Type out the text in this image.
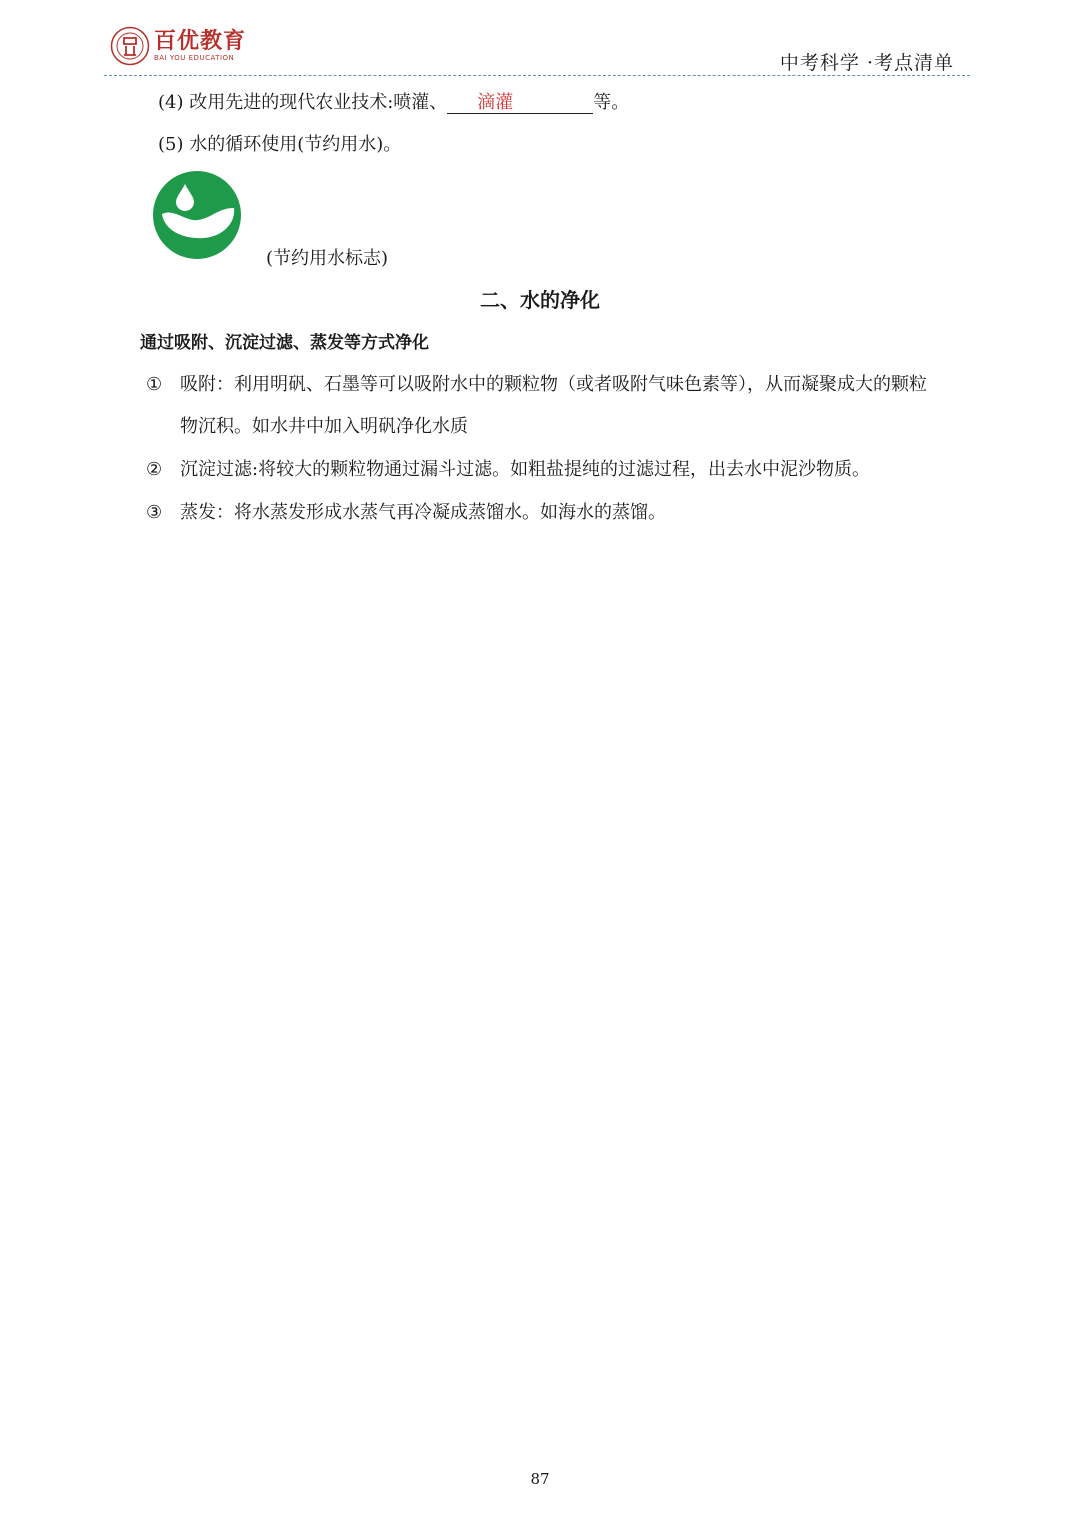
百优教育
BAI YOU EDUCATION	中考科学 ·考点清单
(4) 改用先进的现代农业技术:喷灌、 滴灌	等。
(5) 水的循环使用(节约用水)。
(节约用水标志)
二、水的净化
通过吸附、沉淀过滤、蒸发等方式净化
① 吸附：利用明矾、石墨等可以吸附水中的颗粒物（或者吸附气味色素等），从而凝聚成大的颗粒
物沉积。如水井中加入明矾净化水质
② 沉淀过滤:将较大的颗粒物通过漏斗过滤。如粗盐提纯的过滤过程，出去水中泥沙物质。
③ 蒸发：将水蒸发形成水蒸气再冷凝成蒸馏水。如海水的蒸馏。
87
